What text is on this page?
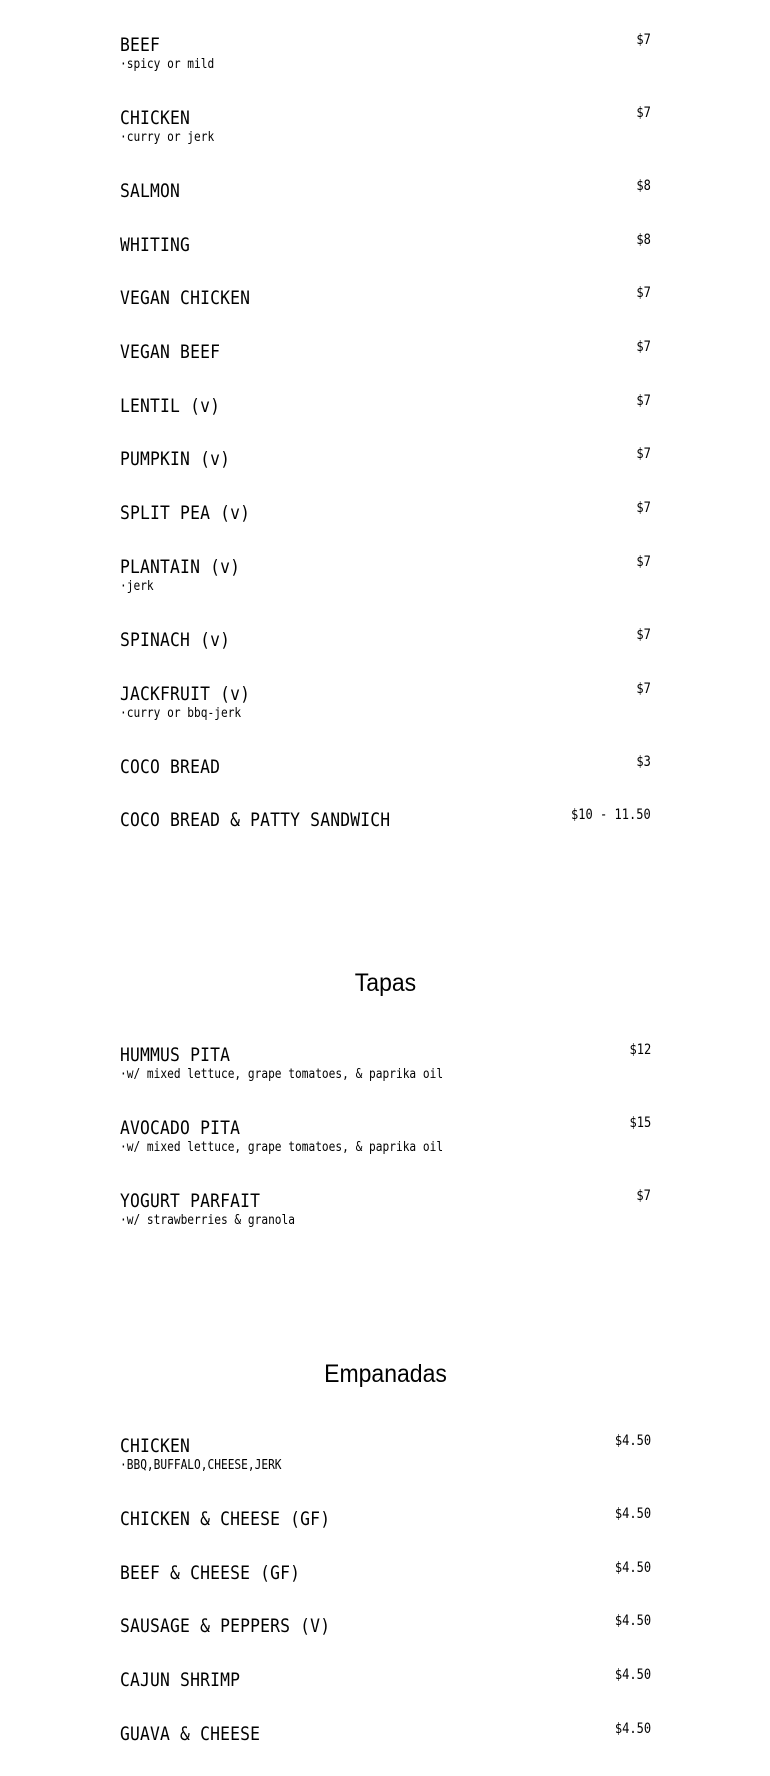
BEEF
·spicy or mild
$7
CHICKEN
·curry or jerk
$7
SALMON	$8
WHITING	$8
VEGAN CHICKEN	$7
VEGAN BEEF	$7
LENTIL (v)	$7
PUMPKIN (v)	$7
SPLIT PEA (v)	$7
PLANTAIN (v)
·jerk
$7
SPINACH (v)	$7
JACKFRUIT (v)
·curry or bbq-jerk
$7
COCO BREAD	$3
COCO BREAD & PATTY SANDWICH	$10 - 11.50
Tapas
HUMMUS PITA
·w/ mixed lettuce, grape tomatoes, & paprika oil
$12
AVOCADO PITA
·w/ mixed lettuce, grape tomatoes, & paprika oil
$15
YOGURT PARFAIT
·w/ strawberries & granola
$7
Empanadas
CHICKEN
·BBQ,BUFFALO,CHEESE,JERK
$4.50
CHICKEN & CHEESE (GF)	$4.50
BEEF & CHEESE (GF)	$4.50
SAUSAGE & PEPPERS (V)	$4.50
CAJUN SHRIMP	$4.50
GUAVA & CHEESE	$4.50
